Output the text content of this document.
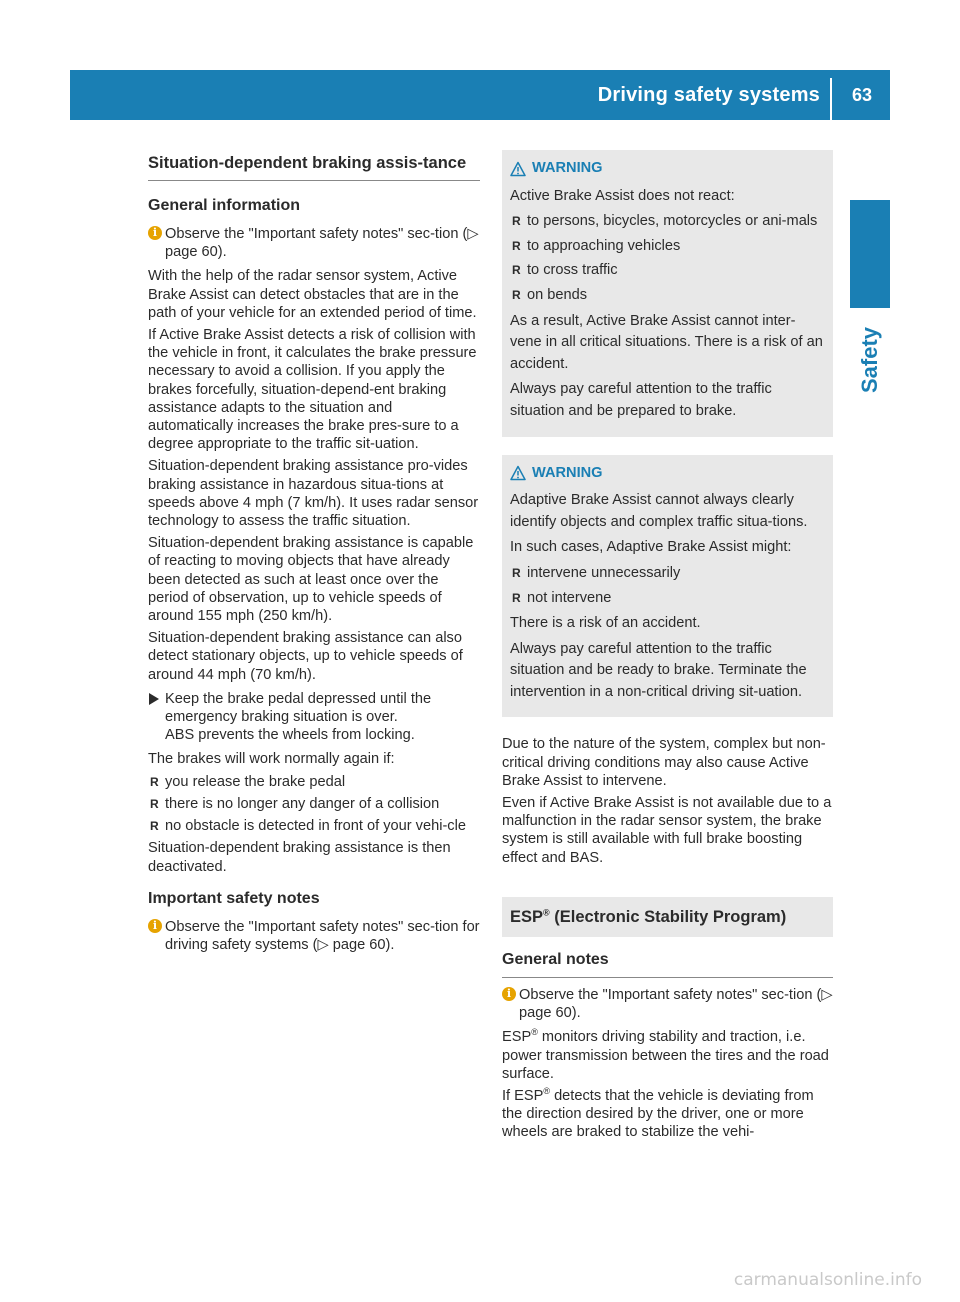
Driving safety systems 63
Safety
Situation-dependent braking assis-tance
General information
i Observe the "Important safety notes" sec-tion (▷ page 60).

With the help of the radar sensor system, Active Brake Assist can detect obstacles that are in the path of your vehicle for an extended period of time.

If Active Brake Assist detects a risk of collision with the vehicle in front, it calculates the brake pressure necessary to avoid a collision. If you apply the brakes forcefully, situation-depend-ent braking assistance adapts to the situation and automatically increases the brake pres-sure to a degree appropriate to the traffic sit-uation.

Situation-dependent braking assistance pro-vides braking assistance in hazardous situa-tions at speeds above 4 mph (7 km/h). It uses radar sensor technology to assess the traffic situation.

Situation-dependent braking assistance is capable of reacting to moving objects that have already been detected as such at least once over the period of observation, up to vehicle speeds of around 155 mph (250 km/h).

Situation-dependent braking assistance can also detect stationary objects, up to vehicle speeds of around 44 mph (70 km/h).

Keep the brake pedal depressed until the emergency braking situation is over.
ABS prevents the wheels from locking.

The brakes will work normally again if:

R you release the brake pedal
R there is no longer any danger of a collision
R no obstacle is detected in front of your vehi-cle

Situation-dependent braking assistance is then deactivated.

Important safety notes
i Observe the "Important safety notes" sec-tion for driving safety systems (▷ page 60).
WARNING

Active Brake Assist does not react:

R to persons, bicycles, motorcycles or ani-mals
R to approaching vehicles
R to cross traffic
R on bends

As a result, Active Brake Assist cannot inter-vene in all critical situations. There is a risk of an accident.

Always pay careful attention to the traffic situation and be prepared to brake.

WARNING

Adaptive Brake Assist cannot always clearly identify objects and complex traffic situa-tions.

In such cases, Adaptive Brake Assist might:

R intervene unnecessarily
R not intervene

There is a risk of an accident.

Always pay careful attention to the traffic situation and be ready to brake. Terminate the intervention in a non-critical driving sit-uation.

Due to the nature of the system, complex but non-critical driving conditions may also cause Active Brake Assist to intervene.

Even if Active Brake Assist is not available due to a malfunction in the radar sensor system, the brake system is still available with full brake boosting effect and BAS.

ESP® (Electronic Stability Program)
General notes
i Observe the "Important safety notes" sec-tion (▷ page 60).

ESP® monitors driving stability and traction, i.e. power transmission between the tires and the road surface.

If ESP® detects that the vehicle is deviating from the direction desired by the driver, one or more wheels are braked to stabilize the vehi-

carmanualsonline.info
